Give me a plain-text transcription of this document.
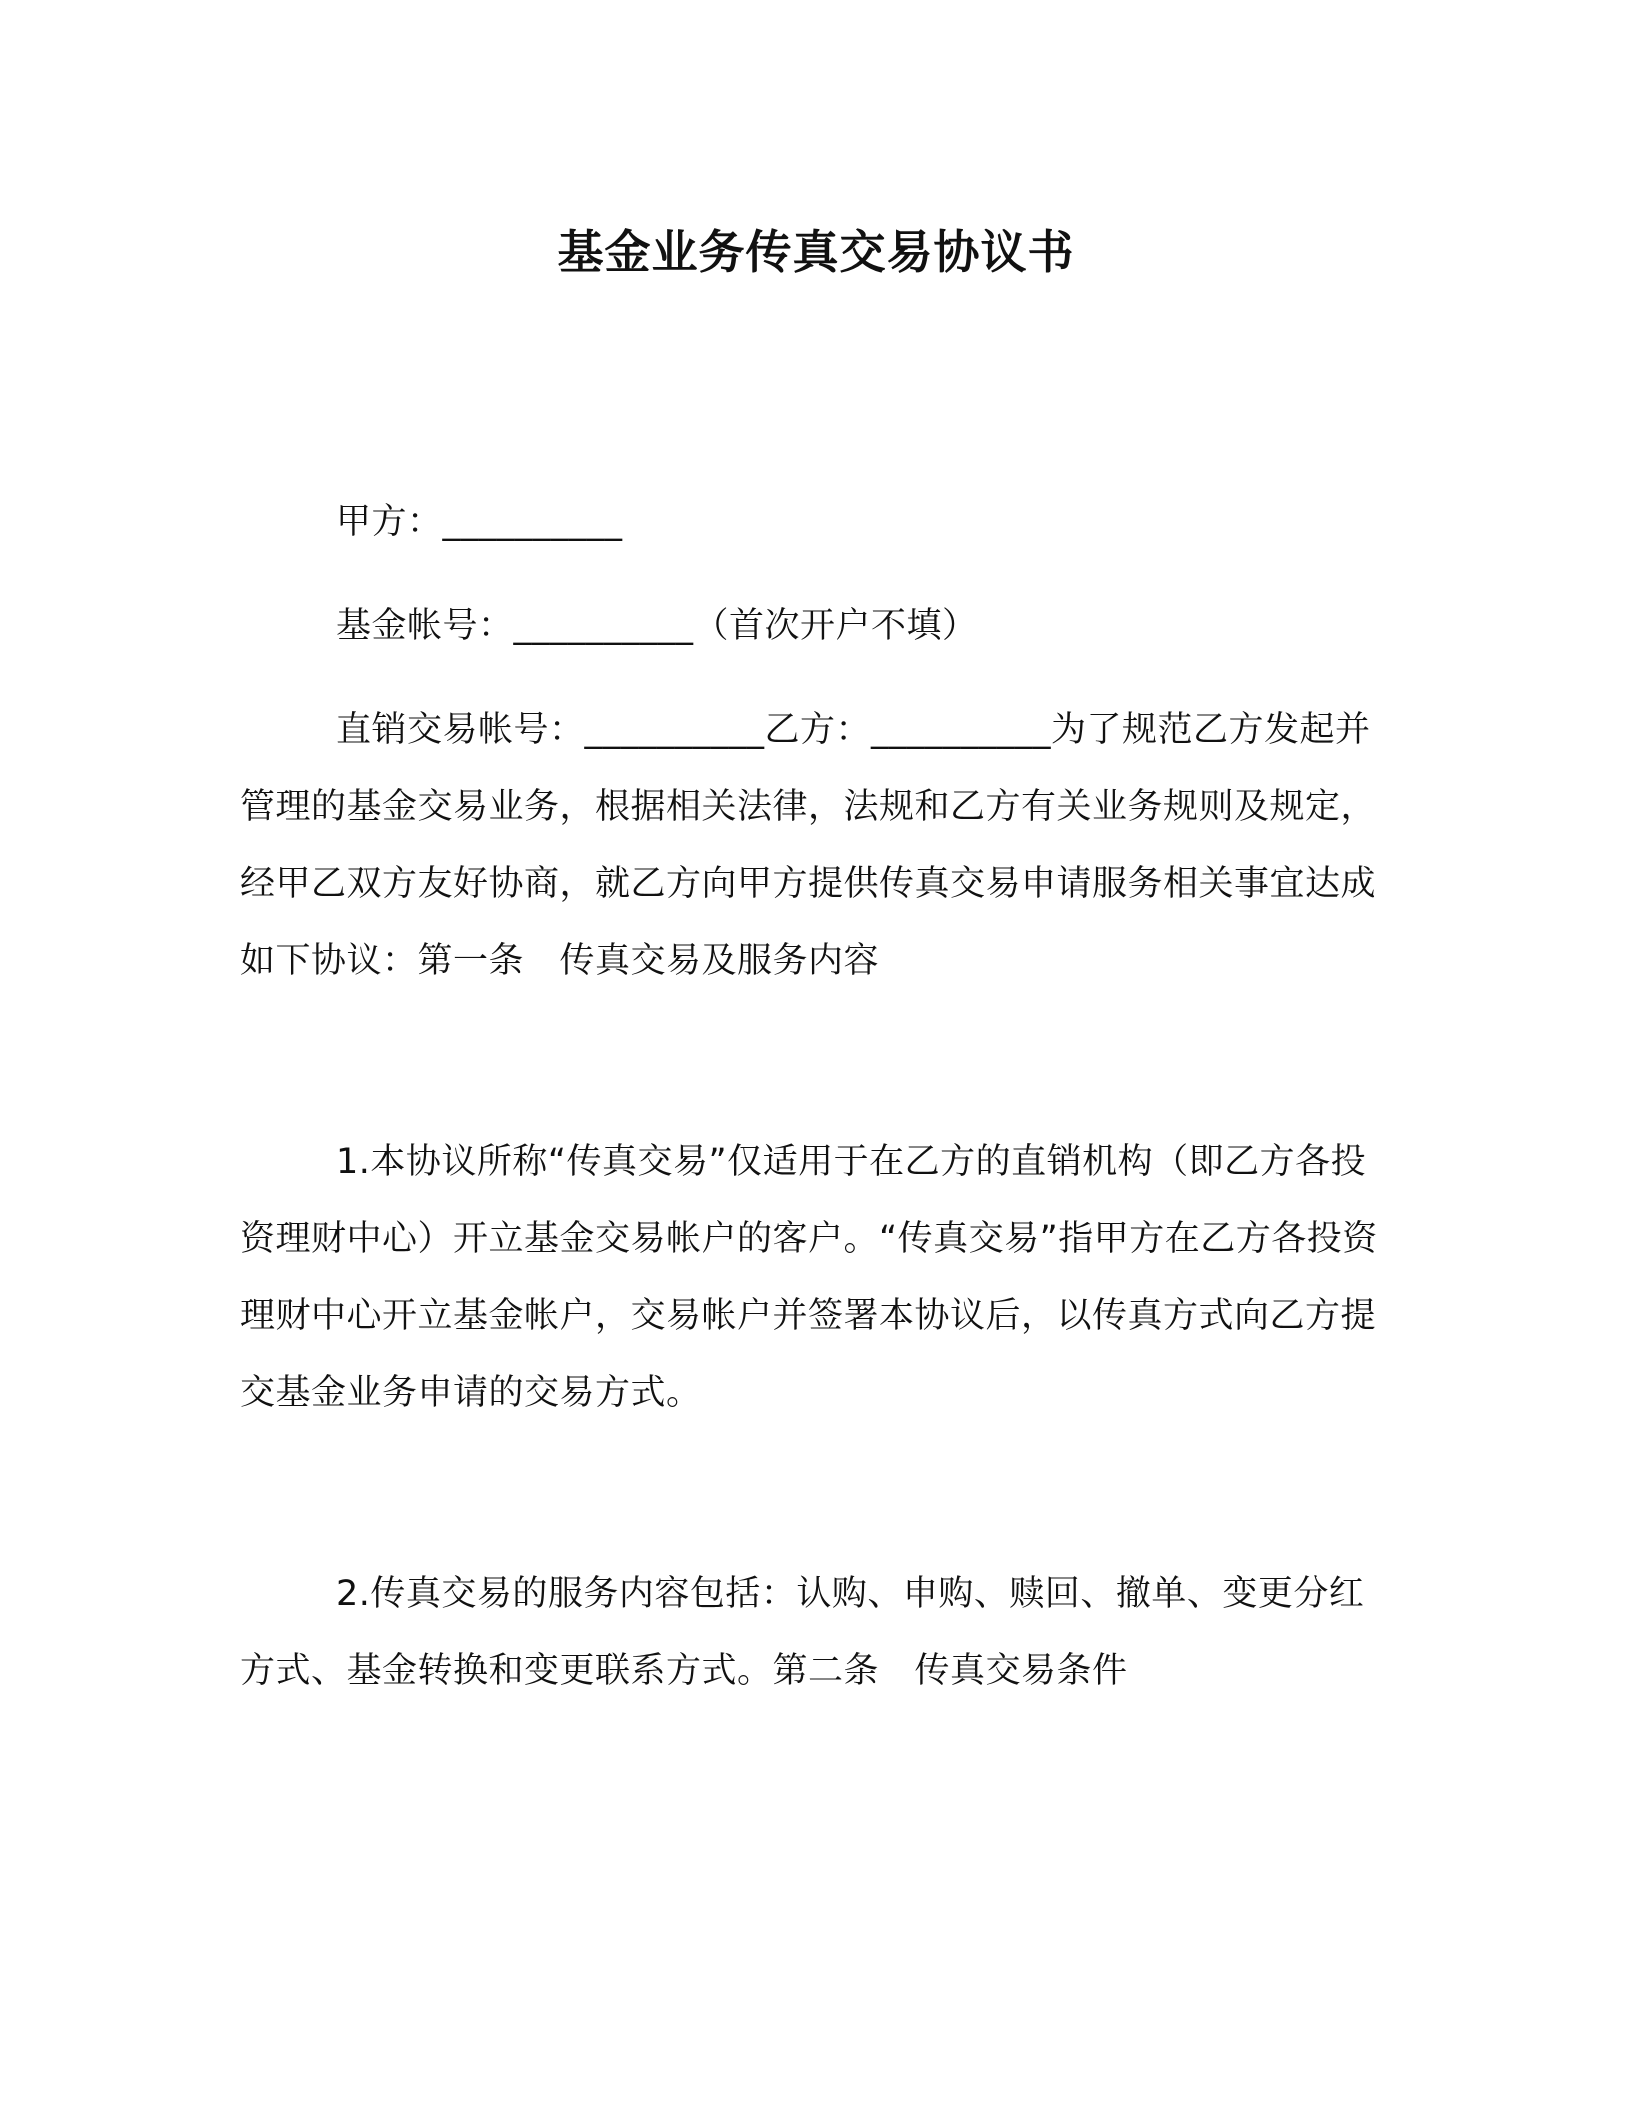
基金业务传真交易协议书

甲方：__________

基金帐号：__________（首次开户不填）

直销交易帐号：__________乙方：__________为了规范乙方发起并管理的基金交易业务，根据相关法律，法规和乙方有关业务规则及规定，经甲乙双方友好协商，就乙方向甲方提供传真交易申请服务相关事宜达成如下协议：第一条　传真交易及服务内容

1.本协议所称“传真交易”仅适用于在乙方的直销机构（即乙方各投资理财中心）开立基金交易帐户的客户。“传真交易”指甲方在乙方各投资理财中心开立基金帐户，交易帐户并签署本协议后，以传真方式向乙方提交基金业务申请的交易方式。

2.传真交易的服务内容包括：认购、申购、赎回、撤单、变更分红方式、基金转换和变更联系方式。第二条　传真交易条件
